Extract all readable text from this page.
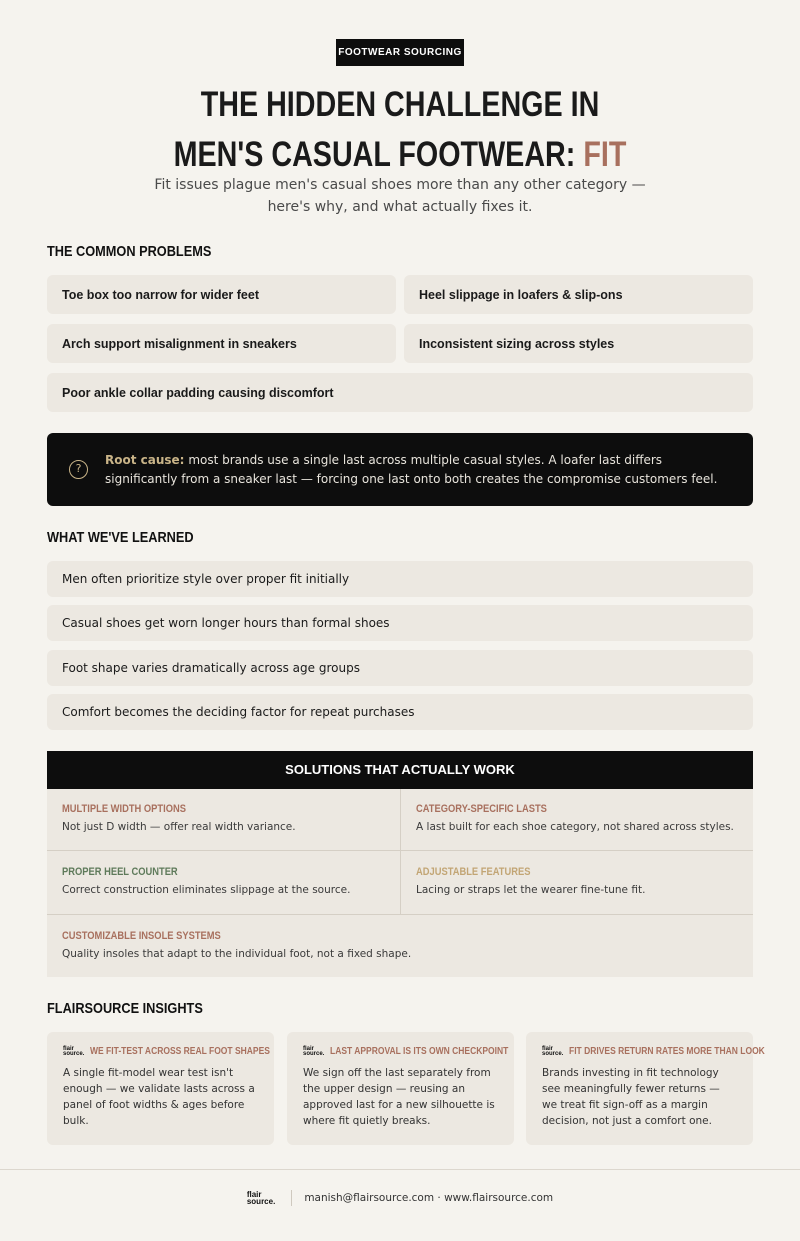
FOOTWEAR SOURCING
THE HIDDEN CHALLENGE IN
MEN'S CASUAL FOOTWEAR: FIT
Fit issues plague men's casual shoes more than any other category — here's why, and what actually fixes it.
THE COMMON PROBLEMS
Toe box too narrow for wider feet	Heel slippage in loafers & slip-ons
Arch support misalignment in sneakers	Inconsistent sizing across styles
Poor ankle collar padding causing discomfort
?
Root cause: most brands use a single last across multiple casual styles. A loafer last differs significantly from a sneaker last — forcing one last onto both creates the compromise customers feel.
WHAT WE'VE LEARNED
Men often prioritize style over proper fit initially
Casual shoes get worn longer hours than formal shoes
Foot shape varies dramatically across age groups
Comfort becomes the deciding factor for repeat purchases
SOLUTIONS THAT ACTUALLY WORK
MULTIPLE WIDTH OPTIONS
Not just D width — offer real width variance.
CATEGORY-SPECIFIC LASTS
A last built for each shoe category, not shared across styles.
PROPER HEEL COUNTER
Correct construction eliminates slippage at the source.
ADJUSTABLE FEATURES
Lacing or straps let the wearer fine-tune fit.
CUSTOMIZABLE INSOLE SYSTEMS
Quality insoles that adapt to the individual foot, not a fixed shape.
FLAIRSOURCE INSIGHTS
flair
source. WE FIT-TEST ACROSS REAL FOOT SHAPES
A single fit-model wear test isn't enough — we validate lasts across a panel of foot widths & ages before bulk.
flair
source. LAST APPROVAL IS ITS OWN CHECKPOINT
We sign off the last separately from the upper design — reusing an approved last for a new silhouette is where fit quietly breaks.
flair
source. FIT DRIVES RETURN RATES MORE THAN LOOK
Brands investing in fit technology see meaningfully fewer returns — we treat fit sign-off as a margin decision, not just a comfort one.
flair
source.	manish@flairsource.com · www.flairsource.com
